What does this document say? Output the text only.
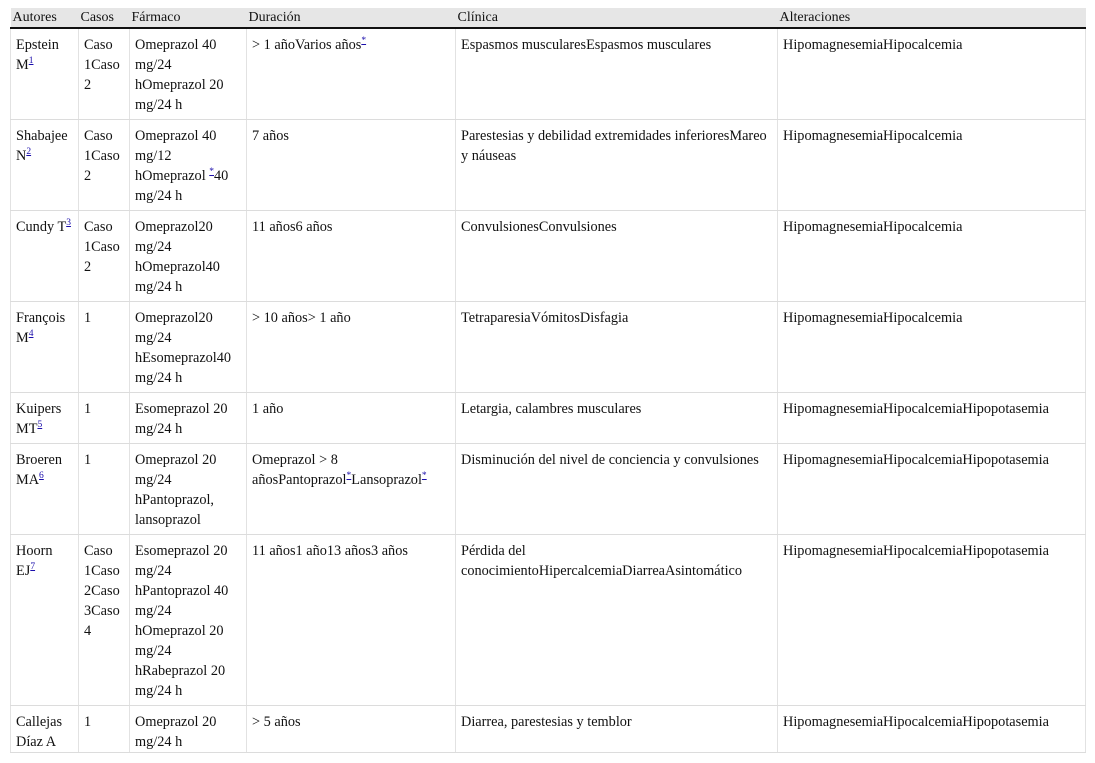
Autores	Casos	Fármaco	Duración	Clínica	Alteraciones
Epstein M$^1$	Caso 1Caso 2	Omeprazol 40 mg/24 hOmeprazol 20 mg/24 h	> 1 añoVarios años*	Espasmos muscularesEspasmos musculares	HipomagnesemiaHipocalcemia
Shabajee N$^2$	Caso 1Caso 2	Omeprazol 40 mg/12 hOmeprazol *40 mg/24 h	7 años	Parestesias y debilidad extremidades inferioresMareo y náuseas	HipomagnesemiaHipocalcemia
Cundy T$^3$	Caso 1Caso 2	Omeprazol20 mg/24 hOmeprazol40 mg/24 h	11 años6 años	ConvulsionesConvulsiones	HipomagnesemiaHipocalcemia
François M$^4$	1	Omeprazol20 mg/24 hEsomeprazol40 mg/24 h	> 10 años> 1 año	TetraparesiaVómitosDisfagia	HipomagnesemiaHipocalcemia
Kuipers MT$^5$	1	Esomeprazol 20 mg/24 h	1 año	Letargia, calambres musculares	HipomagnesemiaHipocalcemiaHipopotasemia
Broeren MA$^6$	1	Omeprazol 20 mg/24 hPantoprazol, lansoprazol	Omeprazol > 8 añosPantoprazol*Lansoprazol*	Disminución del nivel de conciencia y convulsiones	HipomagnesemiaHipocalcemiaHipopotasemia
Hoorn EJ$^7$	Caso 1Caso 2Caso 3Caso 4	Esomeprazol 20 mg/24 hPantoprazol 40 mg/24 hOmeprazol 20 mg/24 hRabeprazol 20 mg/24 h	11 años1 año13 años3 años	Pérdida del conocimientoHipercalcemiaDiarreaAsintomático	HipomagnesemiaHipocalcemiaHipopotasemia
Callejas Díaz A	1	Omeprazol 20 mg/24 h	> 5 años	Diarrea, parestesias y temblor	HipomagnesemiaHipocalcemiaHipopotasemia
